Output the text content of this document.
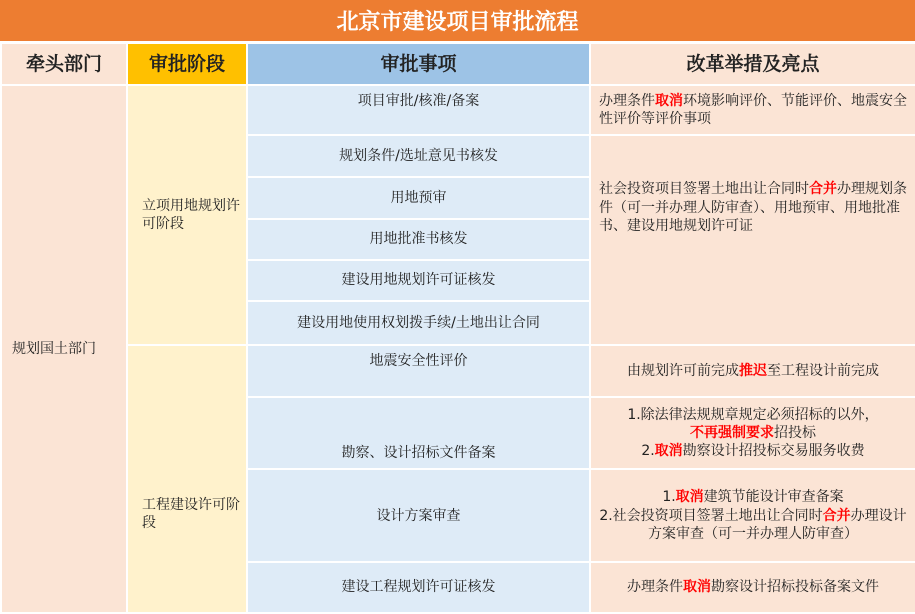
北京市建设项目审批流程
牵头部门	审批阶段	审批事项	改革举措及亮点
规划国土部门	立项用地规划许可阶段	项目审批/核准/备案	办理条件取消环境影响评价、节能评价、地震安全性评价等评价事项
		规划条件/选址意见书核发	社会投资项目签署土地出让合同时合并办理规划条件（可一并办理人防审查）、用地预审、用地批准书、建设用地规划许可证
		用地预审	
		用地批准书核发	
		建设用地规划许可证核发	
		建设用地使用权划拨手续/土地出让合同	
	工程建设许可阶段	地震安全性评价	由规划许可前完成推迟至工程设计前完成
		勘察、设计招标文件备案	1.除法律法规规章规定必须招标的以外，
不再强制要求招投标
2.取消勘察设计招投标交易服务收费
		设计方案审查	1.取消建筑节能设计审查备案
2.社会投资项目签署土地出让合同时合并办理设计方案审查（可一并办理人防审查）
		建设工程规划许可证核发	办理条件取消勘察设计招标投标备案文件
